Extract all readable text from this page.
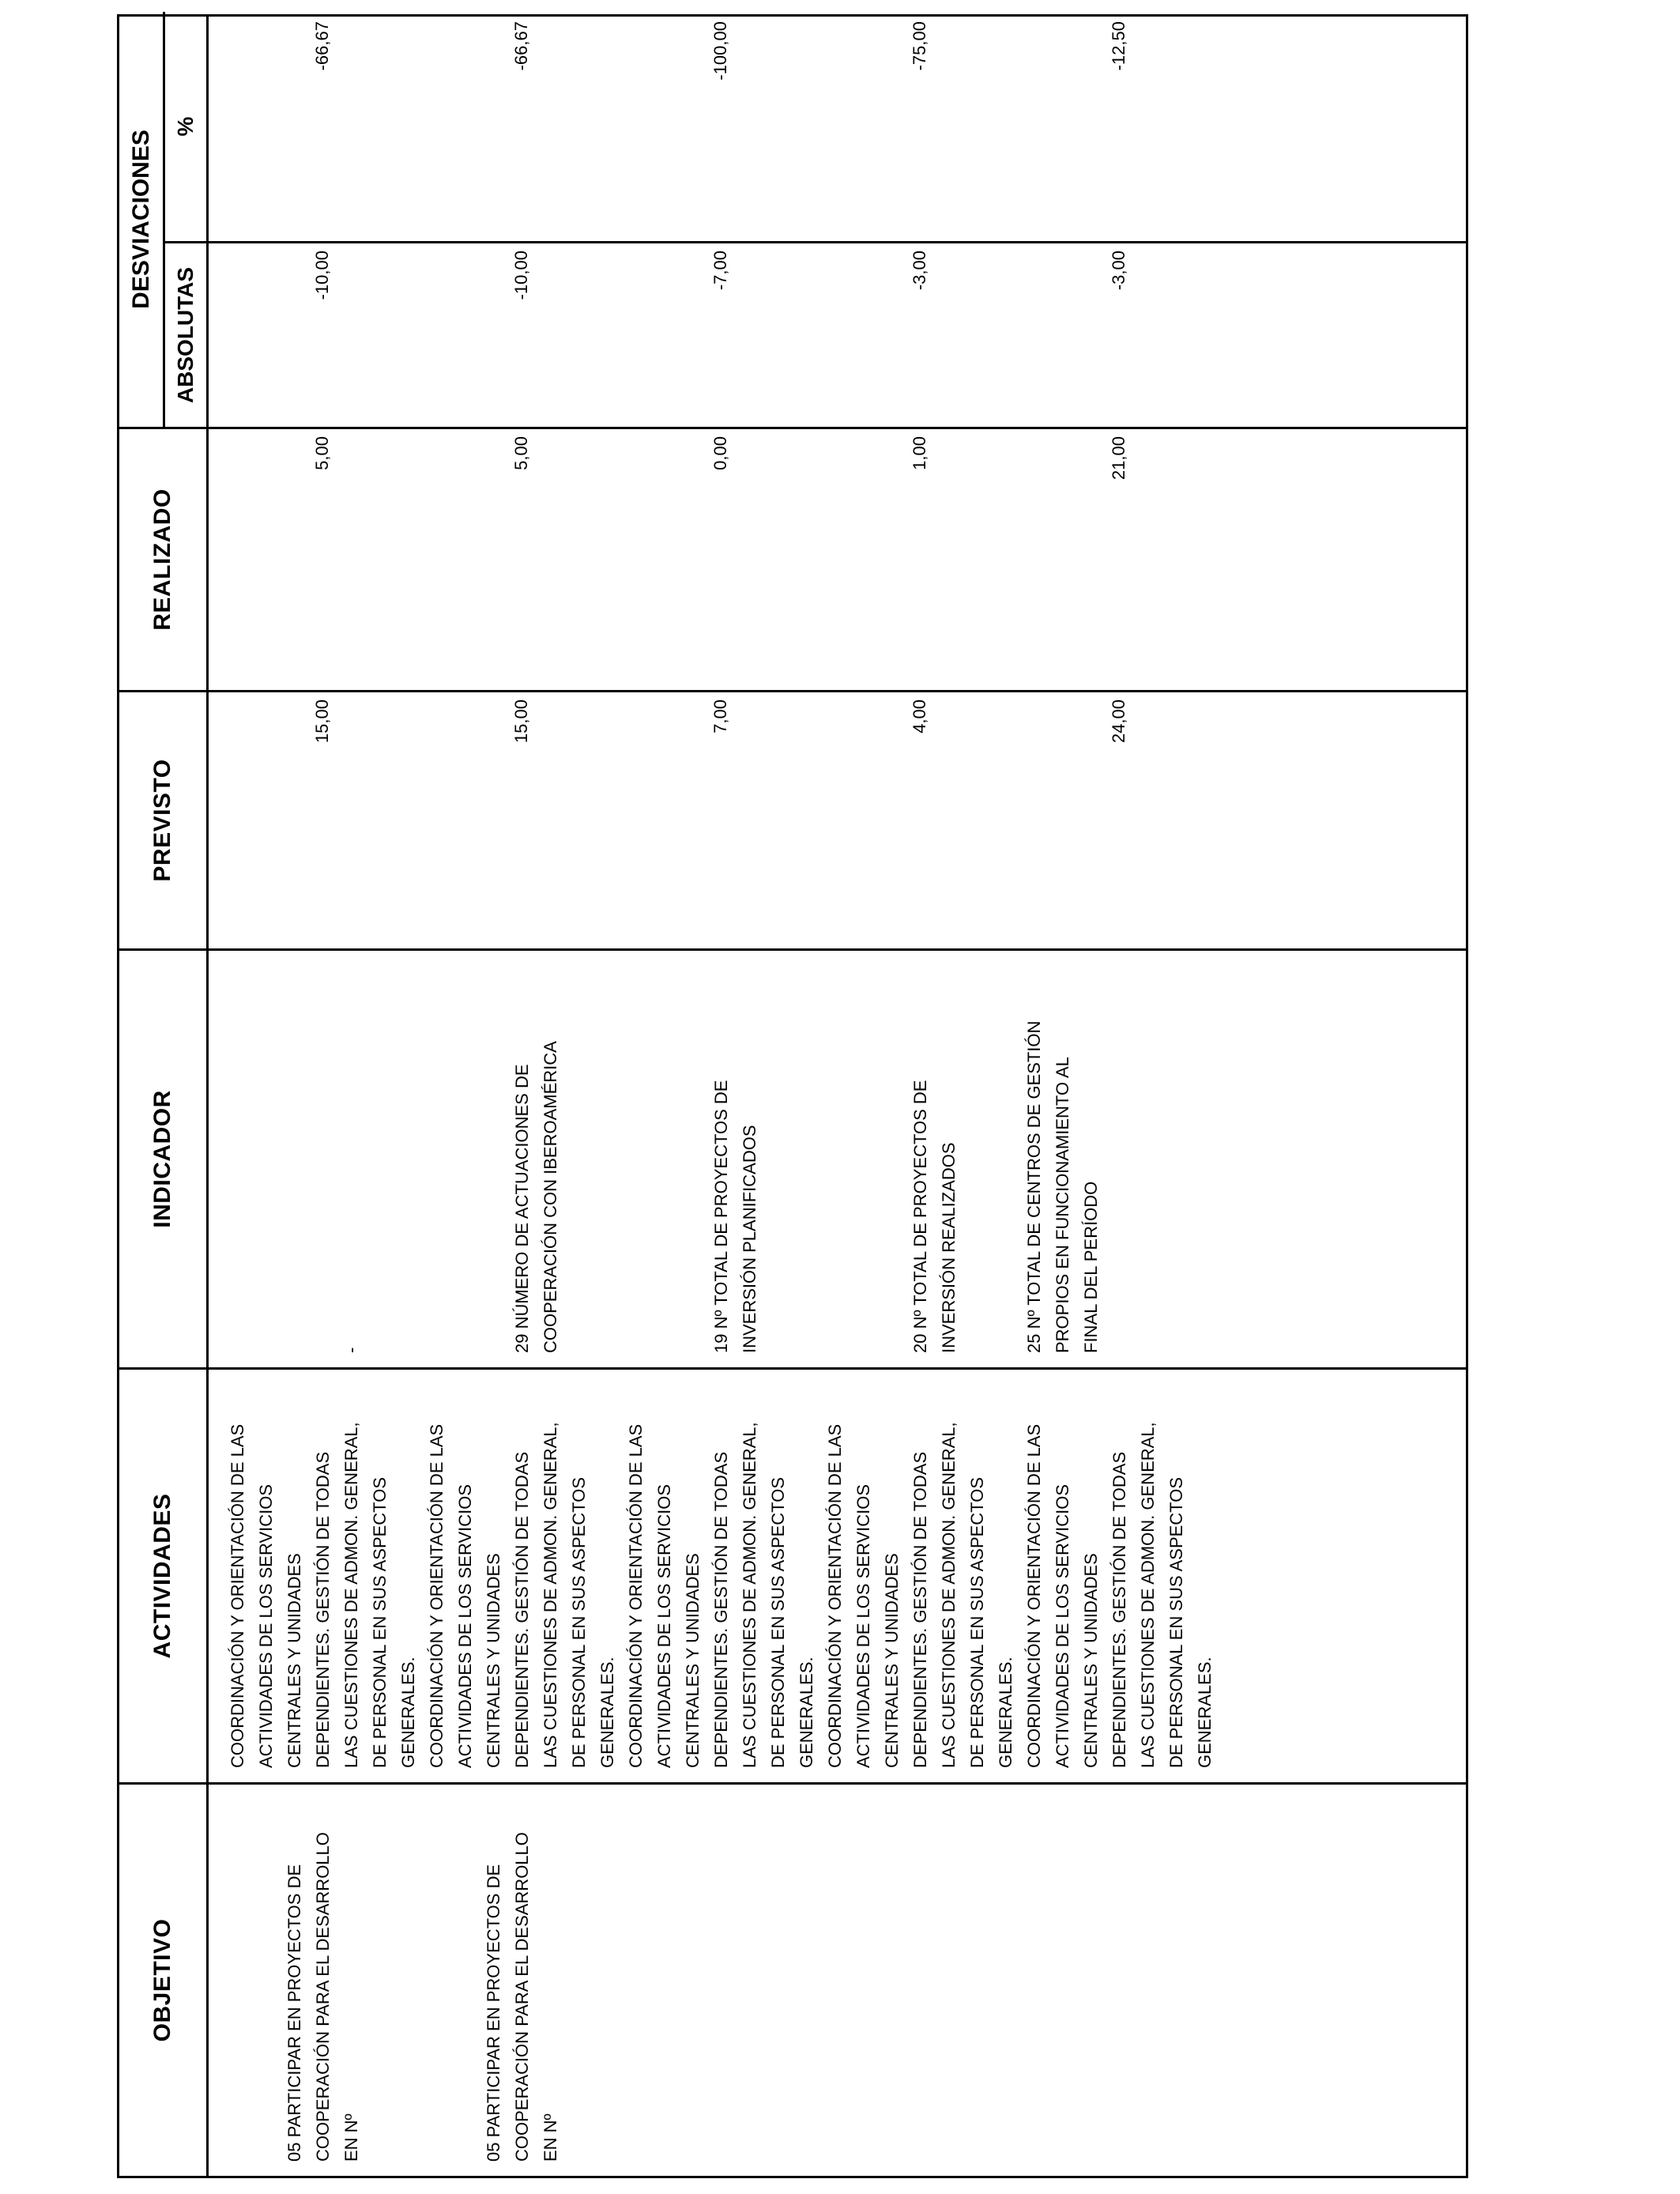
OBJETIVO
ACTIVIDADES
INDICADOR
PREVISTO
REALIZADO
DESVIACIONES
ABSOLUTAS
%
COORDINACIÓN Y ORIENTACIÓN DE LAS ACTIVIDADES DE LOS SERVICIOS CENTRALES Y UNIDADES DEPENDIENTES. GESTIÓN DE TODAS LAS CUESTIONES DE ADMON. GENERAL, DE PERSONAL EN SUS ASPECTOS GENERALES.
05 PARTICIPAR EN PROYECTOS DE COOPERACIÓN PARA EL DESARROLLO EN Nº
-
15,00
5,00
-10,00
-66,67
COORDINACIÓN Y ORIENTACIÓN DE LAS ACTIVIDADES DE LOS SERVICIOS CENTRALES Y UNIDADES DEPENDIENTES. GESTIÓN DE TODAS LAS CUESTIONES DE ADMON. GENERAL, DE PERSONAL EN SUS ASPECTOS GENERALES.
05 PARTICIPAR EN PROYECTOS DE COOPERACIÓN PARA EL DESARROLLO EN Nº
29 NÚMERO DE ACTUACIONES DE COOPERACIÓN CON IBEROAMÉRICA
15,00
5,00
-10,00
-66,67
COORDINACIÓN Y ORIENTACIÓN DE LAS ACTIVIDADES DE LOS SERVICIOS CENTRALES Y UNIDADES DEPENDIENTES. GESTIÓN DE TODAS LAS CUESTIONES DE ADMON. GENERAL, DE PERSONAL EN SUS ASPECTOS GENERALES.
19 Nº TOTAL DE PROYECTOS DE INVERSIÓN PLANIFICADOS
7,00
0,00
-7,00
-100,00
COORDINACIÓN Y ORIENTACIÓN DE LAS ACTIVIDADES DE LOS SERVICIOS CENTRALES Y UNIDADES DEPENDIENTES. GESTIÓN DE TODAS LAS CUESTIONES DE ADMON. GENERAL, DE PERSONAL EN SUS ASPECTOS GENERALES.
20 Nº TOTAL DE PROYECTOS DE INVERSIÓN REALIZADOS
4,00
1,00
-3,00
-75,00
COORDINACIÓN Y ORIENTACIÓN DE LAS ACTIVIDADES DE LOS SERVICIOS CENTRALES Y UNIDADES DEPENDIENTES. GESTIÓN DE TODAS LAS CUESTIONES DE ADMON. GENERAL, DE PERSONAL EN SUS ASPECTOS GENERALES.
25 Nº TOTAL DE CENTROS DE GESTIÓN PROPIOS EN FUNCIONAMIENTO AL FINAL DEL PERÍODO
24,00
21,00
-3,00
-12,50
